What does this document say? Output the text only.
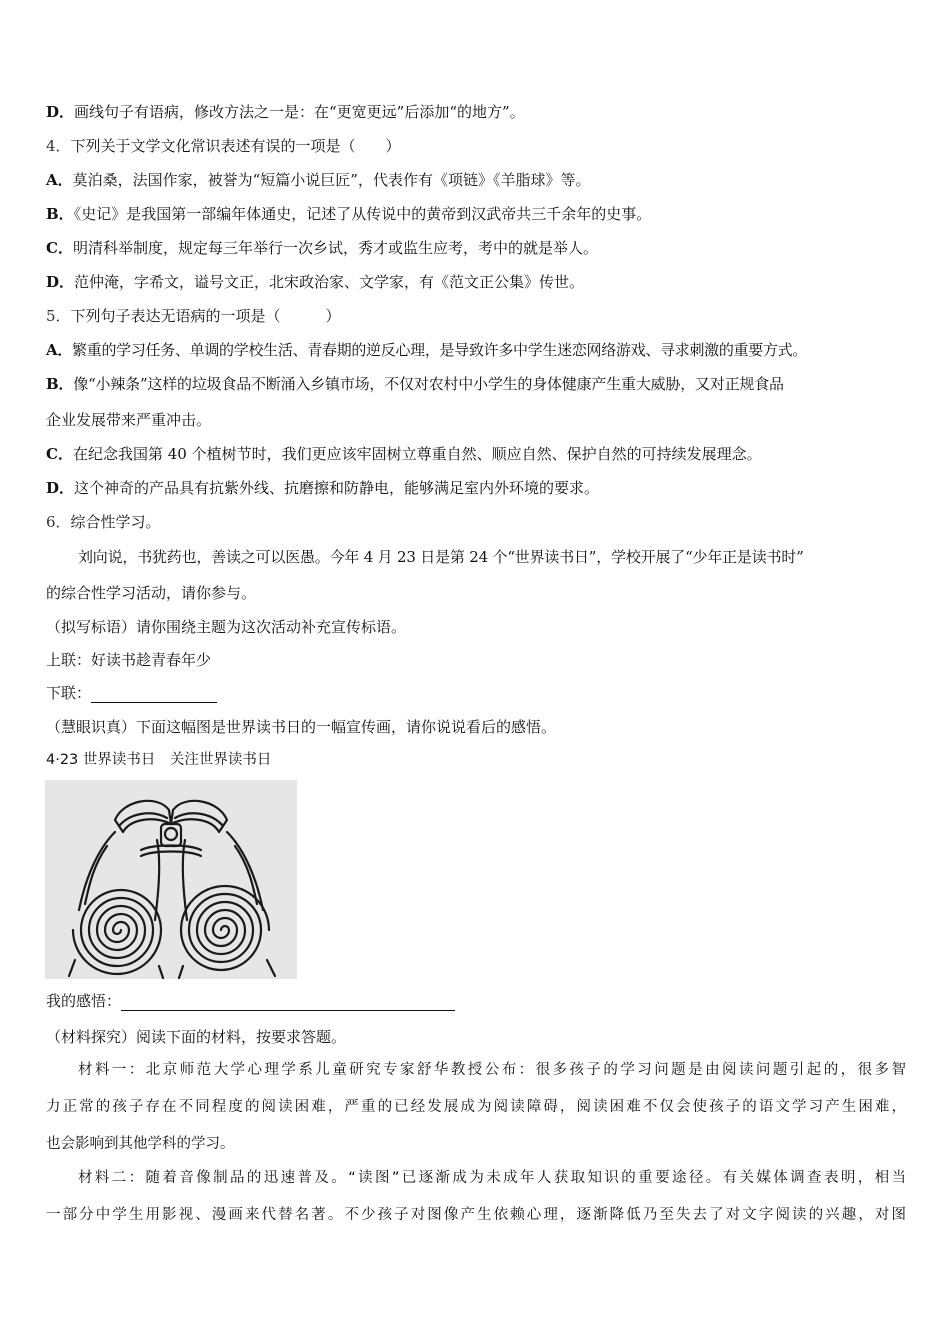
D．画线句子有语病，修改方法之一是：在“更宽更远”后添加“的地方”。
4．下列关于文学文化常识表述有误的一项是（　　）
A．莫泊桑，法国作家，被誉为“短篇小说巨匠”，代表作有《项链》《羊脂球》等。
B．《史记》是我国第一部编年体通史，记述了从传说中的黄帝到汉武帝共三千余年的史事。
C．明清科举制度，规定每三年举行一次乡试，秀才或监生应考，考中的就是举人。
D．范仲淹，字希文，谥号文正，北宋政治家、文学家，有《范文正公集》传世。
5．下列句子表达无语病的一项是（　　　）
A．繁重的学习任务、单调的学校生活、青春期的逆反心理，是导致许多中学生迷恋网络游戏、寻求刺激的重要方式。
B．像“小辣条”这样的垃圾食品不断涌入乡镇市场，不仅对农村中小学生的身体健康产生重大威胁，又对正规食品
企业发展带来严重冲击。
C．在纪念我国第 40 个植树节时，我们更应该牢固树立尊重自然、顺应自然、保护自然的可持续发展理念。
D．这个神奇的产品具有抗紫外线、抗磨擦和防静电，能够满足室内外环境的要求。
6．综合性学习。
刘向说，书犹药也，善读之可以医愚。今年 4 月 23 日是第 24 个“世界读书日”，学校开展了“少年正是读书时”
的综合性学习活动，请你参与。
（拟写标语）请你围绕主题为这次活动补充宣传标语。
上联：好读书趁青春年少
下联：
（慧眼识真）下面这幅图是世界读书日的一幅宣传画，请你说说看后的感悟。
4·23 世界读书日　关注世界读书日
我的感悟：
（材料探究）阅读下面的材料，按要求答题。
材料一：北京师范大学心理学系儿童研究专家舒华教授公布：很多孩子的学习问题是由阅读问题引起的，很多智
力正常的孩子存在不同程度的阅读困难，严重的已经发展成为阅读障碍，阅读困难不仅会使孩子的语文学习产生困难，
也会影响到其他学科的学习。
材料二：随着音像制品的迅速普及。“读图”已逐渐成为未成年人获取知识的重要途径。有关媒体调查表明，相当
一部分中学生用影视、漫画来代替名著。不少孩子对图像产生依赖心理，逐渐降低乃至失去了对文字阅读的兴趣，对图
